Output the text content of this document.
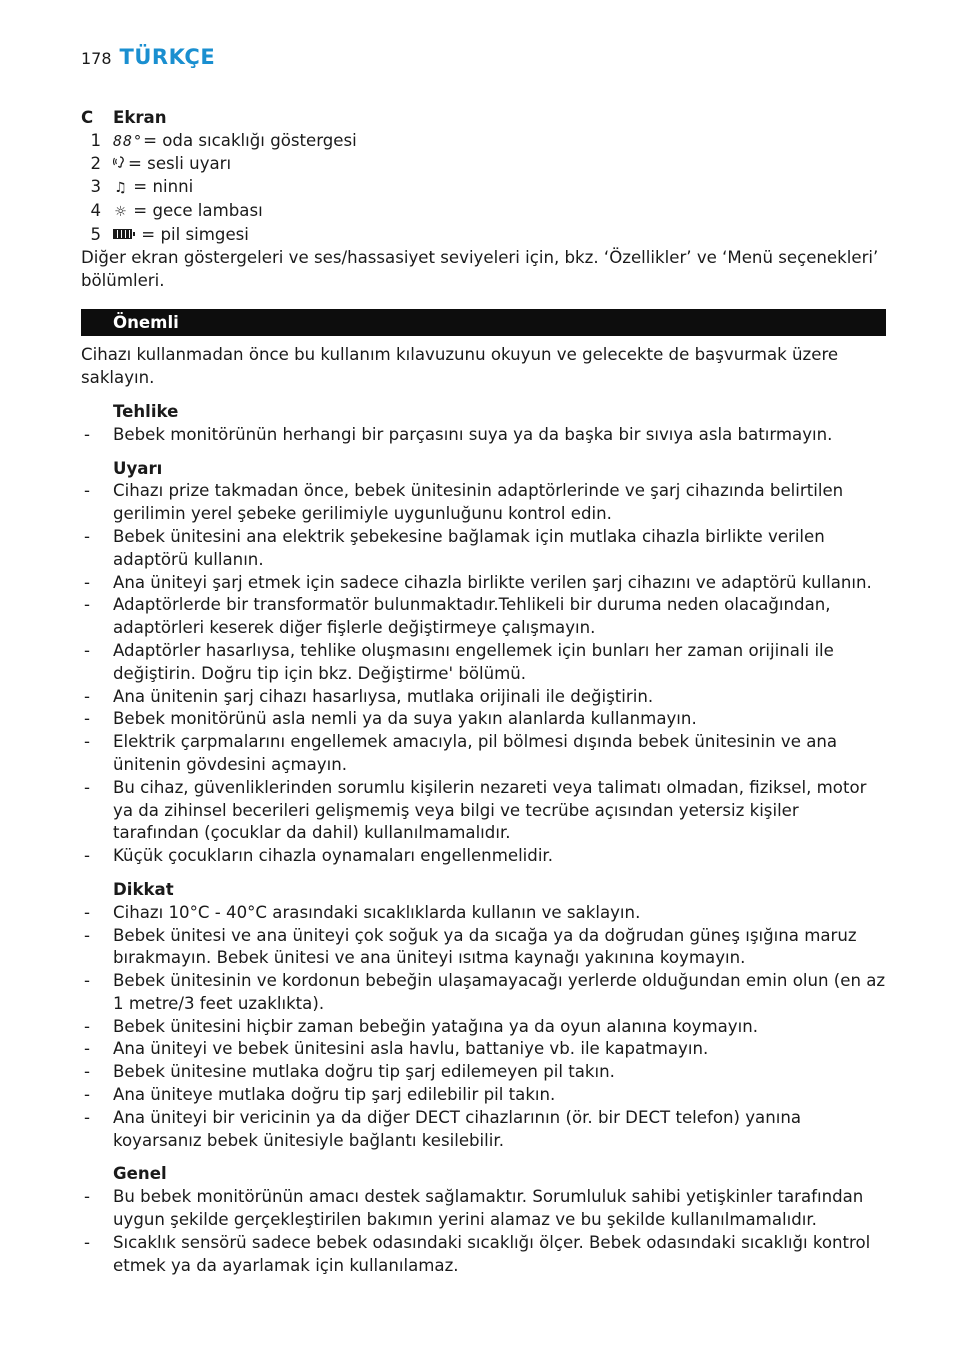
178 TÜRKÇE
C	Ekran
1 88°= oda sıcaklığı göstergesi
2	= sesli uyarı
3 ♫ = ninni
4 ☼ = gece lambası
5	= pil simgesi

Diğer ekran göstergeleri ve ses/hassasiyet seviyeleri için, bkz. ‘Özellikler’ ve ‘Menü seçenekleri’ bölümleri.

Önemli

Cihazı kullanmadan önce bu kullanım kılavuzunu okuyun ve gelecekte de başvurmak üzere saklayın.

Tehlike
- Bebek monitörünün herhangi bir parçasını suya ya da başka bir sıvıya asla batırmayın.
Uyarı
- Cihazı prize takmadan önce, bebek ünitesinin adaptörlerinde ve şarj cihazında belirtilen gerilimin yerel şebeke gerilimiyle uygunluğunu kontrol edin.
- Bebek ünitesini ana elektrik şebekesine bağlamak için mutlaka cihazla birlikte verilen adaptörü kullanın.
- Ana üniteyi şarj etmek için sadece cihazla birlikte verilen şarj cihazını ve adaptörü kullanın.
- Adaptörlerde bir transformatör bulunmaktadır.Tehlikeli bir duruma neden olacağından, adaptörleri keserek diğer fişlerle değiştirmeye çalışmayın.
- Adaptörler hasarlıysa, tehlike oluşmasını engellemek için bunları her zaman orijinali ile değiştirin. Doğru tip için bkz. Değiştirme' bölümü.
- Ana ünitenin şarj cihazı hasarlıysa, mutlaka orijinali ile değiştirin.
- Bebek monitörünü asla nemli ya da suya yakın alanlarda kullanmayın.
- Elektrik çarpmalarını engellemek amacıyla, pil bölmesi dışında bebek ünitesinin ve ana ünitenin gövdesini açmayın.
- Bu cihaz, güvenliklerinden sorumlu kişilerin nezareti veya talimatı olmadan, fiziksel, motor ya da zihinsel becerileri gelişmemiş veya bilgi ve tecrübe açısından yetersiz kişiler tarafından (çocuklar da dahil) kullanılmamalıdır.
- Küçük çocukların cihazla oynamaları engellenmelidir.
Dikkat
- Cihazı 10°C - 40°C arasındaki sıcaklıklarda kullanın ve saklayın.
- Bebek ünitesi ve ana üniteyi çok soğuk ya da sıcağa ya da doğrudan güneş ışığına maruz bırakmayın. Bebek ünitesi ve ana üniteyi ısıtma kaynağı yakınına koymayın.
- Bebek ünitesinin ve kordonun bebeğin ulaşamayacağı yerlerde olduğundan emin olun (en az 1 metre/3 feet uzaklıkta).
- Bebek ünitesini hiçbir zaman bebeğin yatağına ya da oyun alanına koymayın.
- Ana üniteyi ve bebek ünitesini asla havlu, battaniye vb. ile kapatmayın.
- Bebek ünitesine mutlaka doğru tip şarj edilemeyen pil takın.
- Ana üniteye mutlaka doğru tip şarj edilebilir pil takın.
- Ana üniteyi bir vericinin ya da diğer DECT cihazlarının (ör. bir DECT telefon) yanına koyarsanız bebek ünitesiyle bağlantı kesilebilir.
Genel
- Bu bebek monitörünün amacı destek sağlamaktır. Sorumluluk sahibi yetişkinler tarafından uygun şekilde gerçekleştirilen bakımın yerini alamaz ve bu şekilde kullanılmamalıdır.
- Sıcaklık sensörü sadece bebek odasındaki sıcaklığı ölçer. Bebek odasındaki sıcaklığı kontrol etmek ya da ayarlamak için kullanılamaz.
